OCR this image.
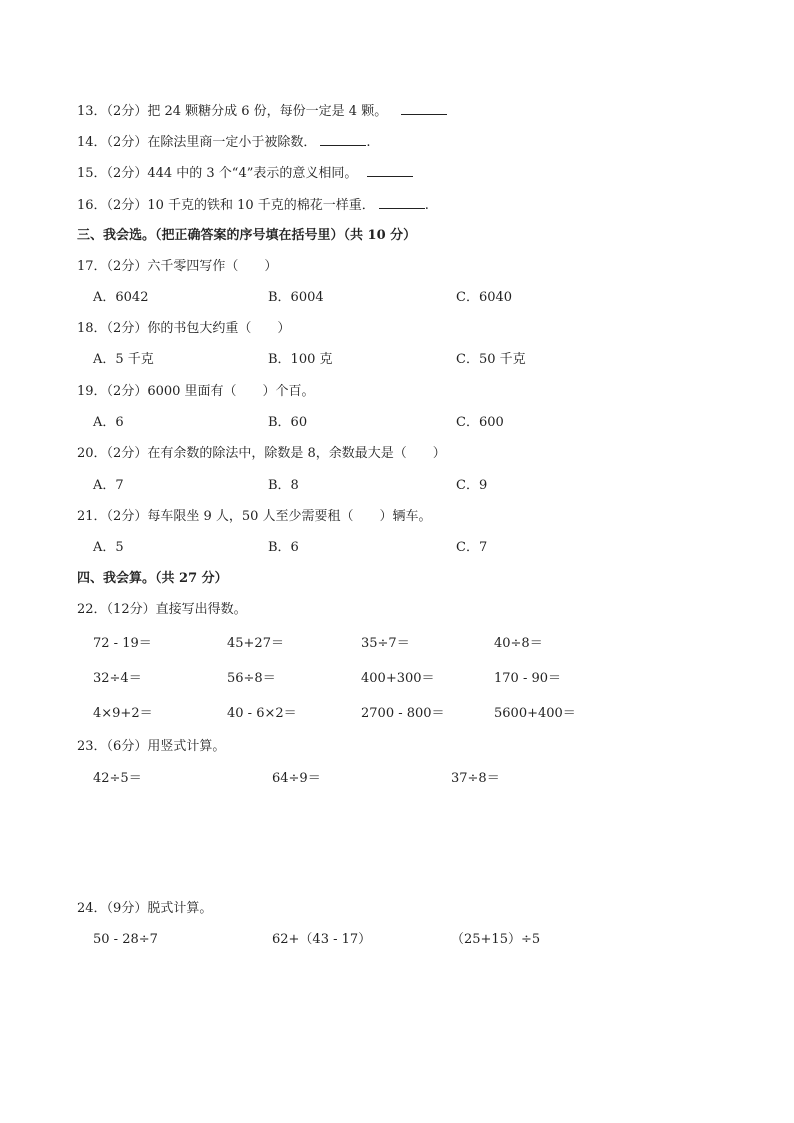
13．（2分）把 24 颗糖分成 6 份，每份一定是 4 颗。
14．（2分）在除法里商一定小于被除数．	.
15．（2分）444 中的 3 个“4”表示的意义相同。
16．（2分）10 千克的铁和 10 千克的棉花一样重．	.
三、我会选。（把正确答案的序号填在括号里）（共 10 分）
17．（2分）六千零四写作（　　）
A．6042	B．6004	C．6040
18．（2分）你的书包大约重（　　）
A．5 千克	B．100 克	C．50 千克
19．（2分）6000 里面有（　　）个百。
A．6	B．60	C．600
20．（2分）在有余数的除法中，除数是 8，余数最大是（　　）
A．7	B．8	C．9
21．（2分）每车限坐 9 人，50 人至少需要租（　　）辆车。
A．5	B．6	C．7
四、我会算。（共 27 分）
22．（12分）直接写出得数。
72 - 19＝	45+27＝	35÷7＝	40÷8＝
32÷4＝	56÷8＝	400+300＝	170 - 90＝
4×9+2＝	40 - 6×2＝	2700 - 800＝	5600+400＝
23．（6分）用竖式计算。
42÷5＝	64÷9＝	37÷8＝
24．（9分）脱式计算。
50 - 28÷7	62+（43 - 17）	（25+15）÷5
